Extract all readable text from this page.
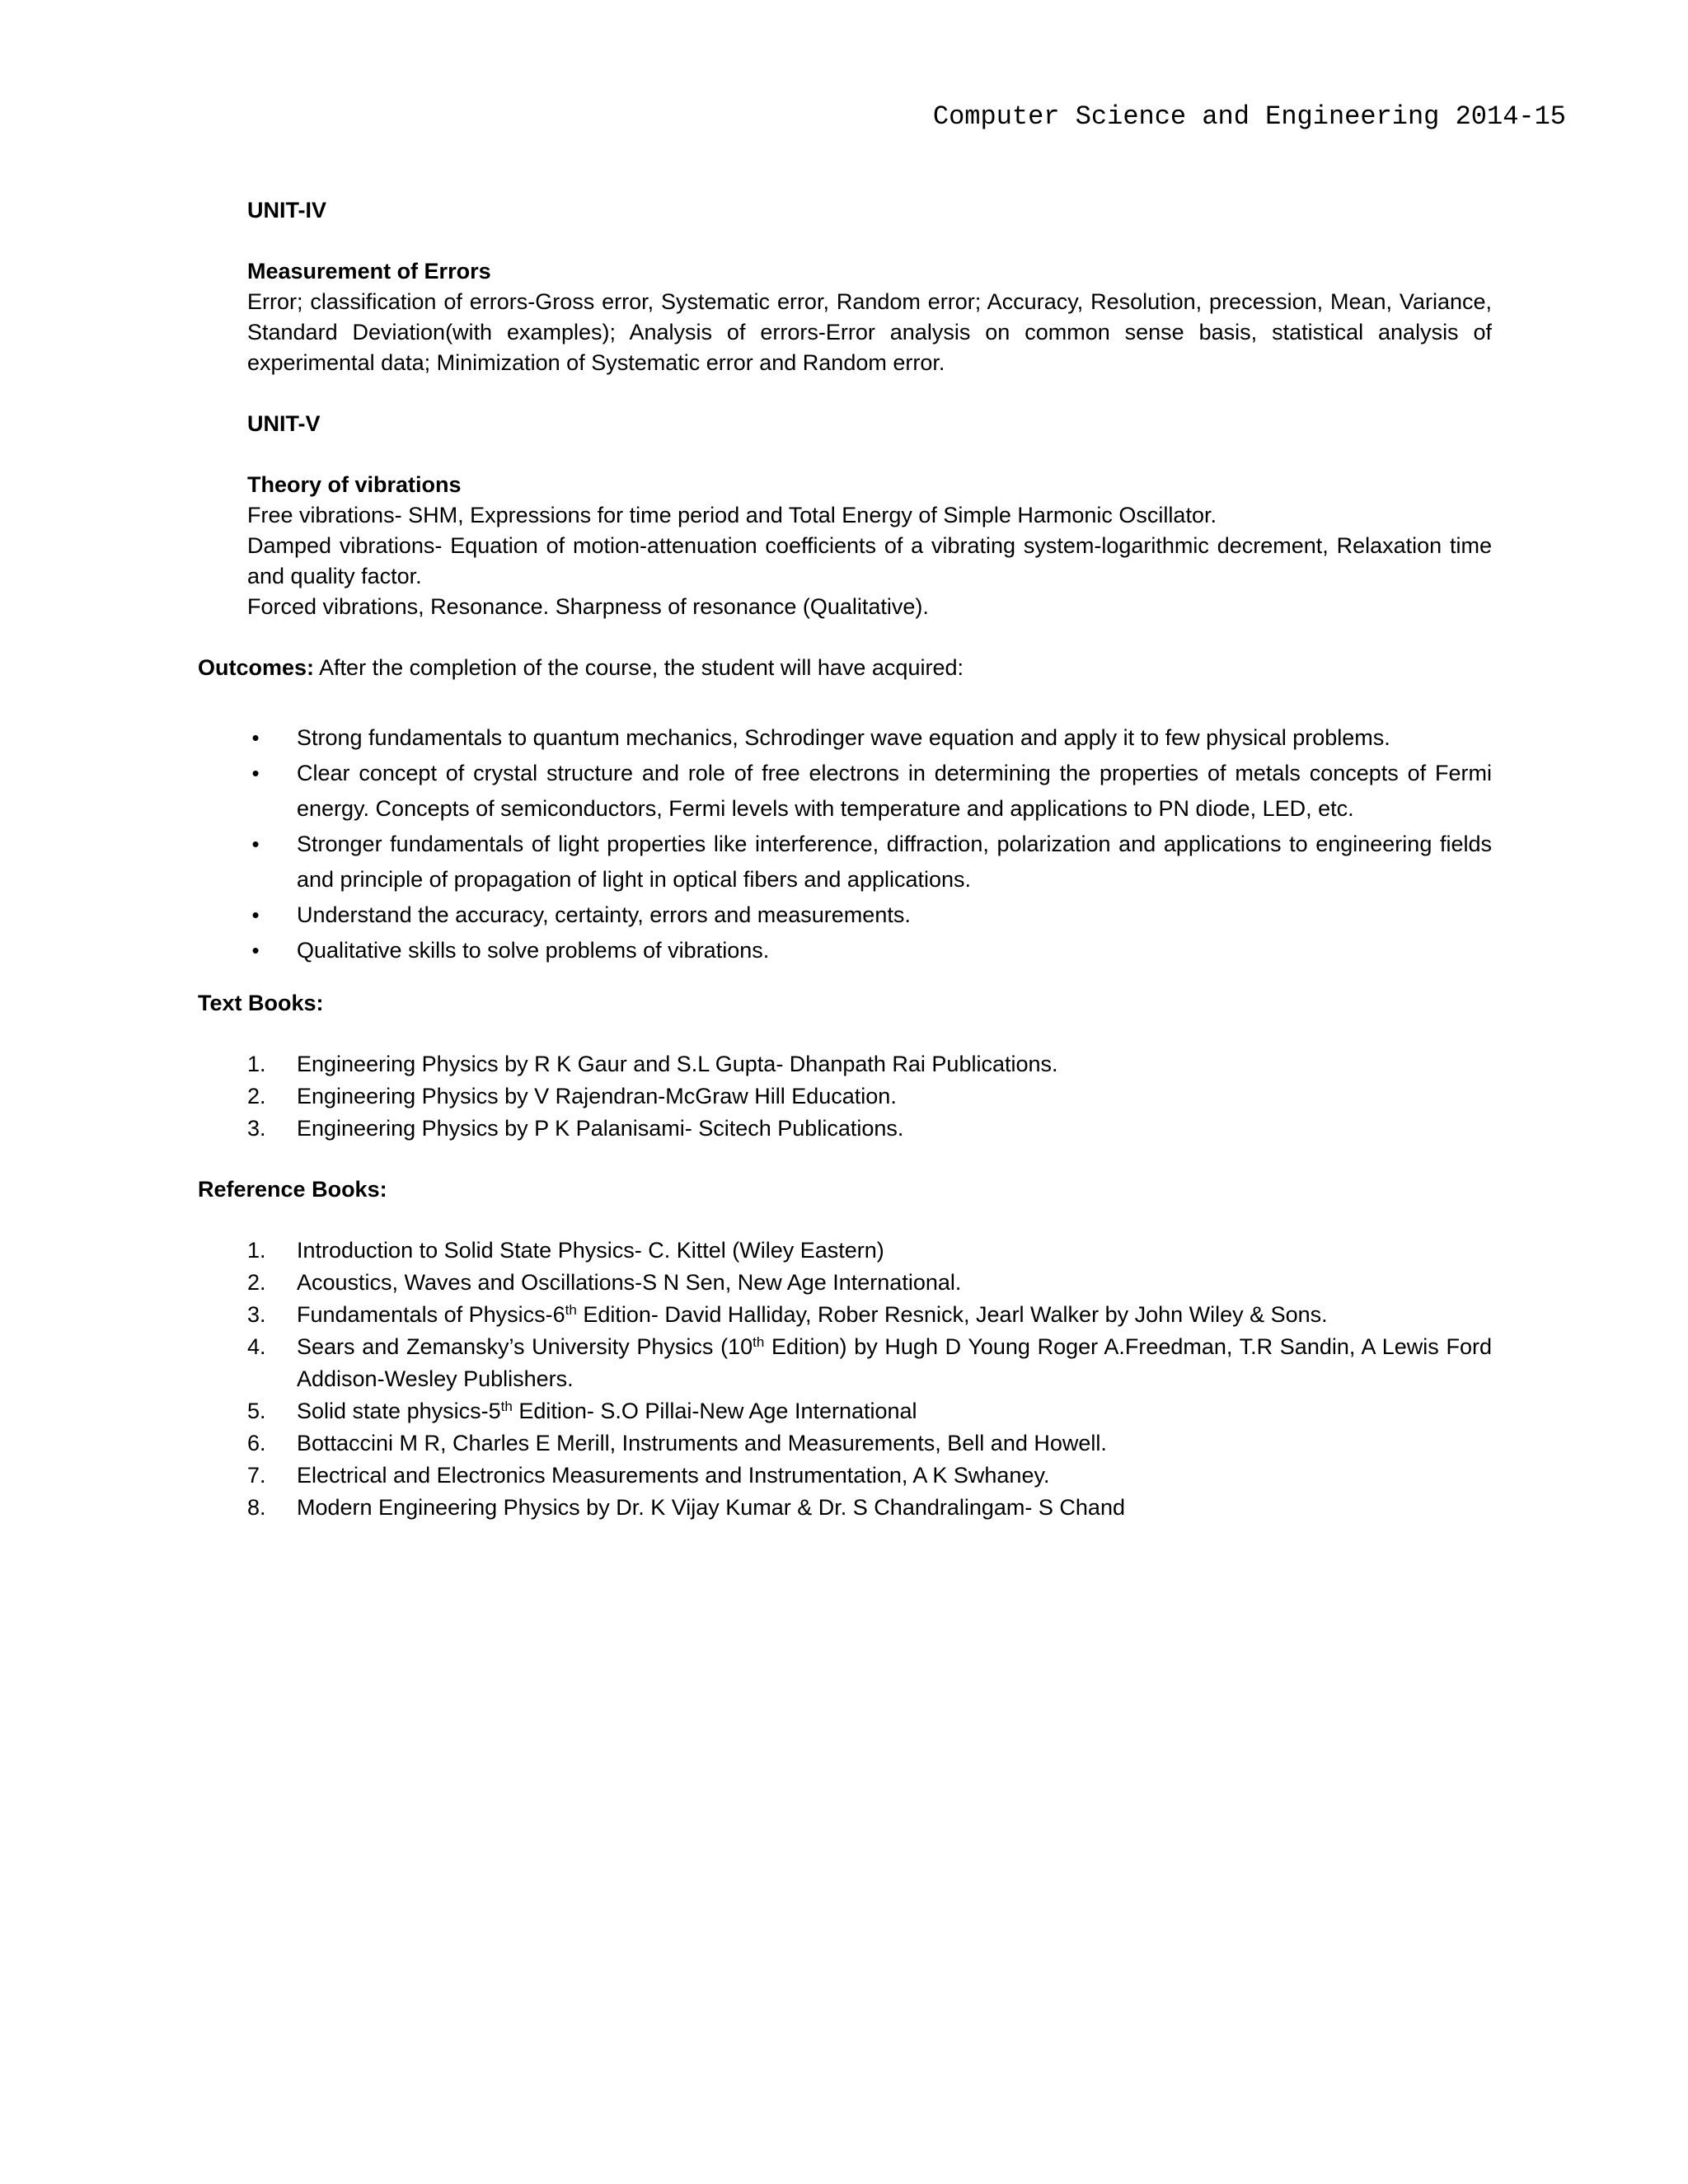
Computer Science and Engineering 2014-15

UNIT-IV

Measurement of Errors

Error; classification of errors-Gross error, Systematic error, Random error; Accuracy, Resolution, precession, Mean, Variance, Standard Deviation(with examples); Analysis of errors-Error analysis on common sense basis, statistical analysis of experimental data; Minimization of Systematic error and Random error.

UNIT-V

Theory of vibrations

Free vibrations- SHM, Expressions for time period and Total Energy of Simple Harmonic Oscillator.

Damped vibrations- Equation of motion-attenuation coefficients of a vibrating system-logarithmic decrement, Relaxation time and quality factor.

Forced vibrations, Resonance. Sharpness of resonance (Qualitative).

Outcomes: After the completion of the course, the student will have acquired:

• Strong fundamentals to quantum mechanics, Schrodinger wave equation and apply it to few physical problems.
• Clear concept of crystal structure and role of free electrons in determining the properties of metals concepts of Fermi energy. Concepts of semiconductors, Fermi levels with temperature and applications to PN diode, LED, etc.
• Stronger fundamentals of light properties like interference, diffraction, polarization and applications to engineering fields and principle of propagation of light in optical fibers and applications.
• Understand the accuracy, certainty, errors and measurements.
• Qualitative skills to solve problems of vibrations.

Text Books:

1. Engineering Physics by R K Gaur and S.L Gupta- Dhanpath Rai Publications.
2. Engineering Physics by V Rajendran-McGraw Hill Education.
3. Engineering Physics by P K Palanisami- Scitech Publications.

Reference Books:

1. Introduction to Solid State Physics- C. Kittel (Wiley Eastern)
2. Acoustics, Waves and Oscillations-S N Sen, New Age International.
3. Fundamentals of Physics-6th Edition- David Halliday, Rober Resnick, Jearl Walker by John Wiley & Sons.
4. Sears and Zemansky’s University Physics (10th Edition) by Hugh D Young Roger A.Freedman, T.R Sandin, A Lewis Ford Addison-Wesley Publishers.
5. Solid state physics-5th Edition- S.O Pillai-New Age International
6. Bottaccini M R, Charles E Merill, Instruments and Measurements, Bell and Howell.
7. Electrical and Electronics Measurements and Instrumentation, A K Swhaney.
8. Modern Engineering Physics by Dr. K Vijay Kumar & Dr. S Chandralingam- S Chand
